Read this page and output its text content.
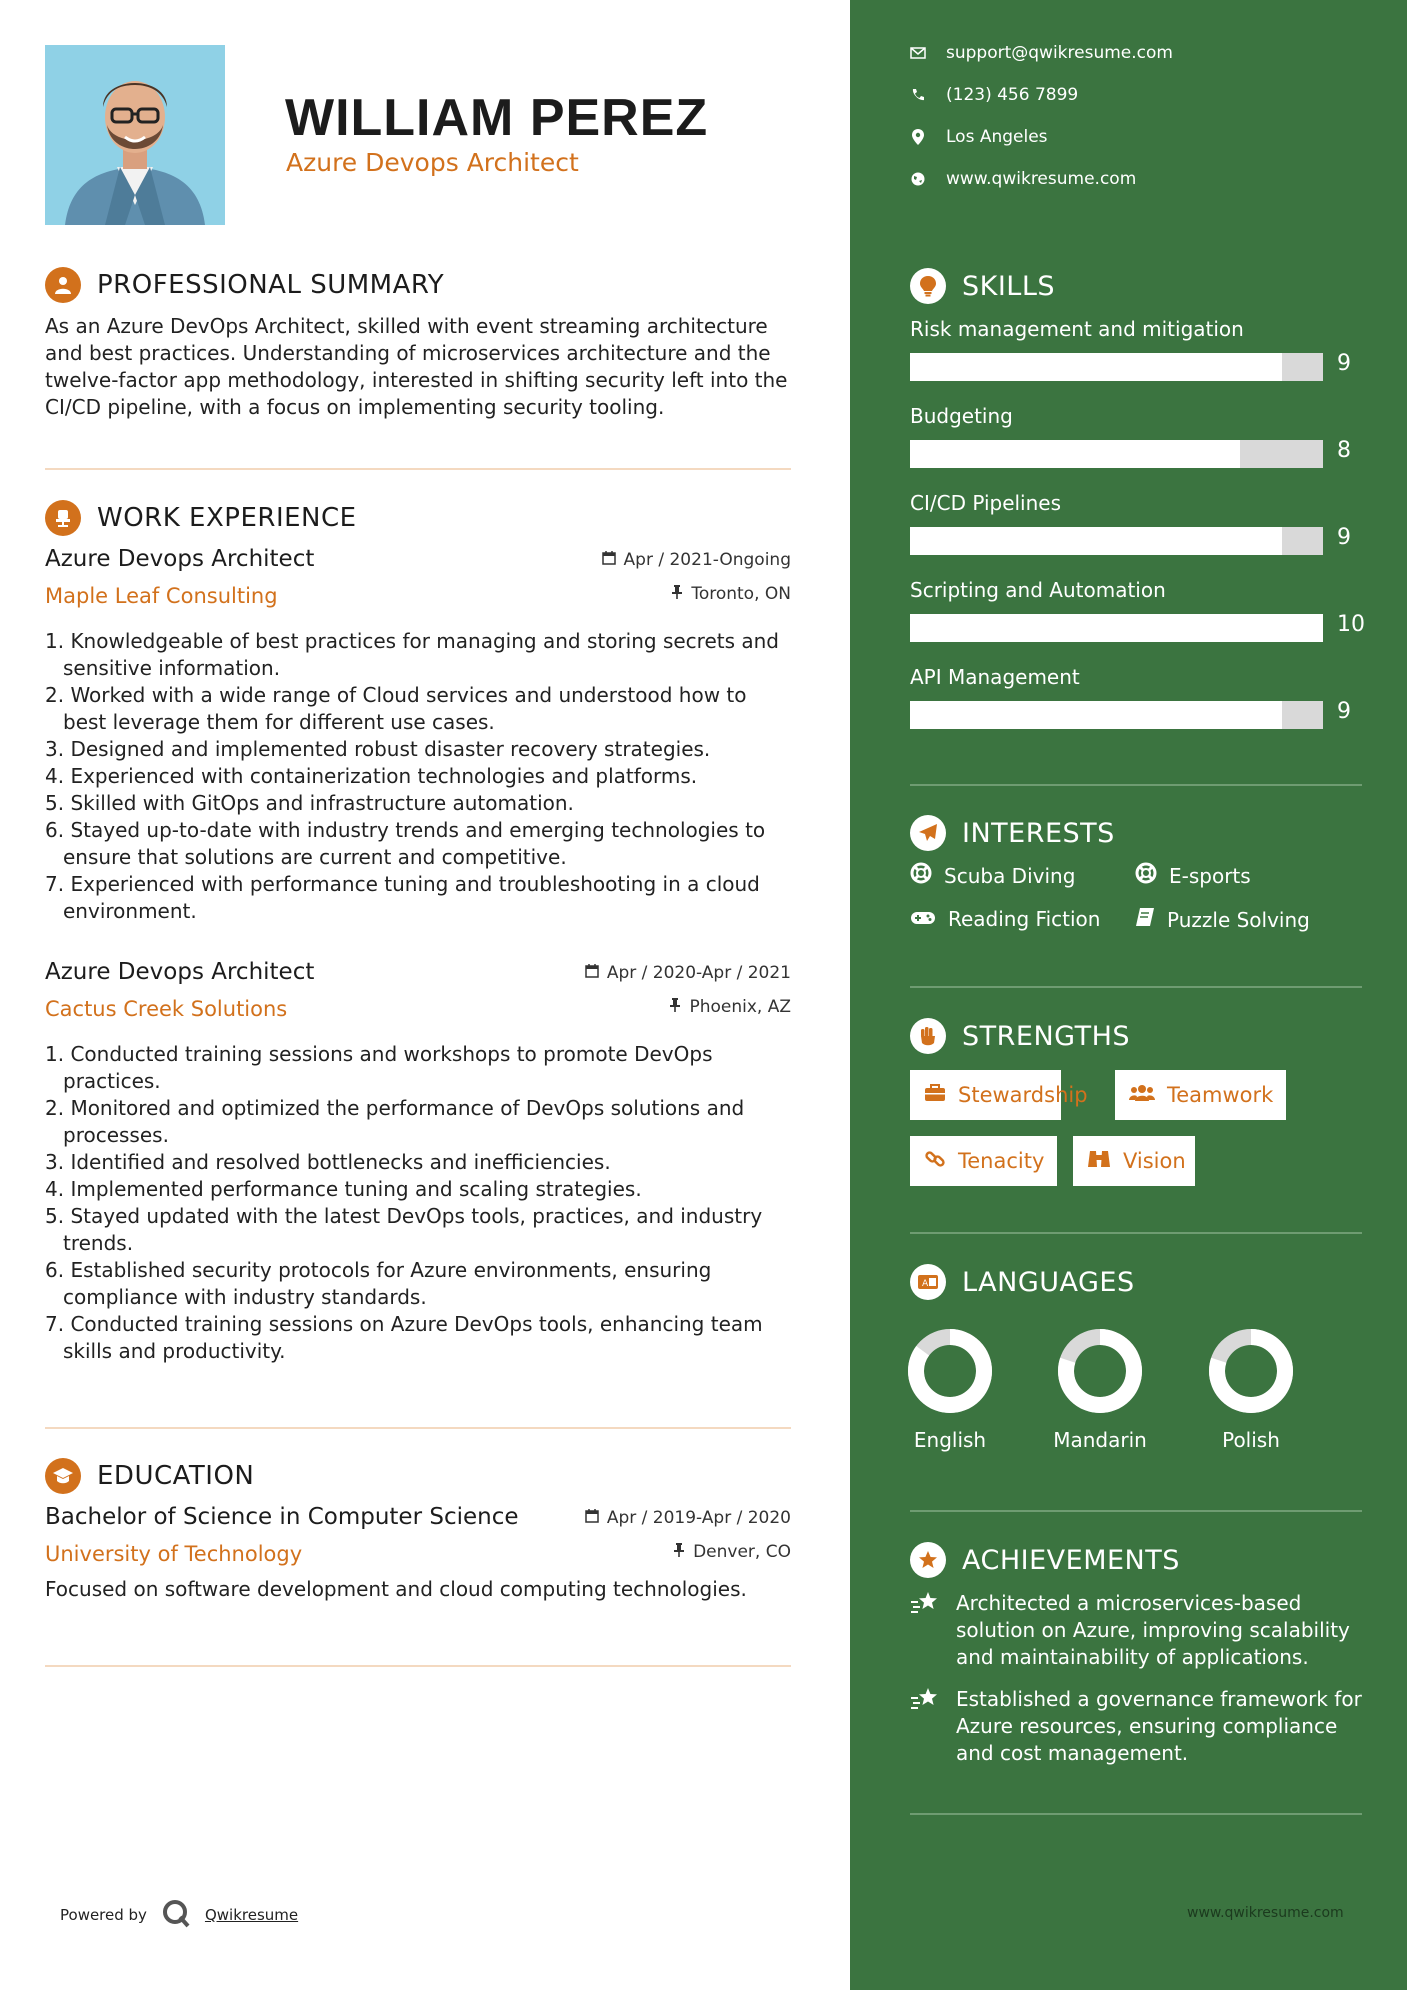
WILLIAM PEREZ
Azure Devops Architect
PROFESSIONAL SUMMARY

As an Azure DevOps Architect, skilled with event streaming architecture and best practices. Understanding of microservices architecture and the twelve-factor app methodology, interested in shifting security left into the CI/CD pipeline, with a focus on implementing security tooling.

WORK EXPERIENCE
Azure Devops Architect
Maple Leaf Consulting
Apr / 2021-Ongoing
Toronto, ON
1. Knowledgeable of best practices for managing and storing secrets and sensitive information.
2. Worked with a wide range of Cloud services and understood how to best leverage them for different use cases.
3. Designed and implemented robust disaster recovery strategies.
4. Experienced with containerization technologies and platforms.
5. Skilled with GitOps and infrastructure automation.
6. Stayed up-to-date with industry trends and emerging technologies to ensure that solutions are current and competitive.
7. Experienced with performance tuning and troubleshooting in a cloud environment.
Azure Devops Architect
Cactus Creek Solutions
Apr / 2020-Apr / 2021
Phoenix, AZ
1. Conducted training sessions and workshops to promote DevOps practices.
2. Monitored and optimized the performance of DevOps solutions and processes.
3. Identified and resolved bottlenecks and inefficiencies.
4. Implemented performance tuning and scaling strategies.
5. Stayed updated with the latest DevOps tools, practices, and industry trends.
6. Established security protocols for Azure environments, ensuring compliance with industry standards.
7. Conducted training sessions on Azure DevOps tools, enhancing team skills and productivity.
EDUCATION
Bachelor of Science in Computer Science
University of Technology
Apr / 2019-Apr / 2020
Denver, CO

Focused on software development and cloud computing technologies.

Powered by	Qwikresume
support@qwikresume.com
(123) 456 7899
Los Angeles
www.qwikresume.com
SKILLS
Risk management and mitigation
9
Budgeting
8
CI/CD Pipelines
9
Scripting and Automation
10
API Management
9
INTERESTS
Scuba Diving	E-sports
Reading Fiction	Puzzle Solving
STRENGTHS
Stewardship	Teamwork
Tenacity	Vision
A LANGUAGES
English	Mandarin	Polish
ACHIEVEMENTS
Architected a microservices-based solution on Azure, improving scalability and maintainability of applications.
Established a governance framework for Azure resources, ensuring compliance and cost management.
www.qwikresume.com
